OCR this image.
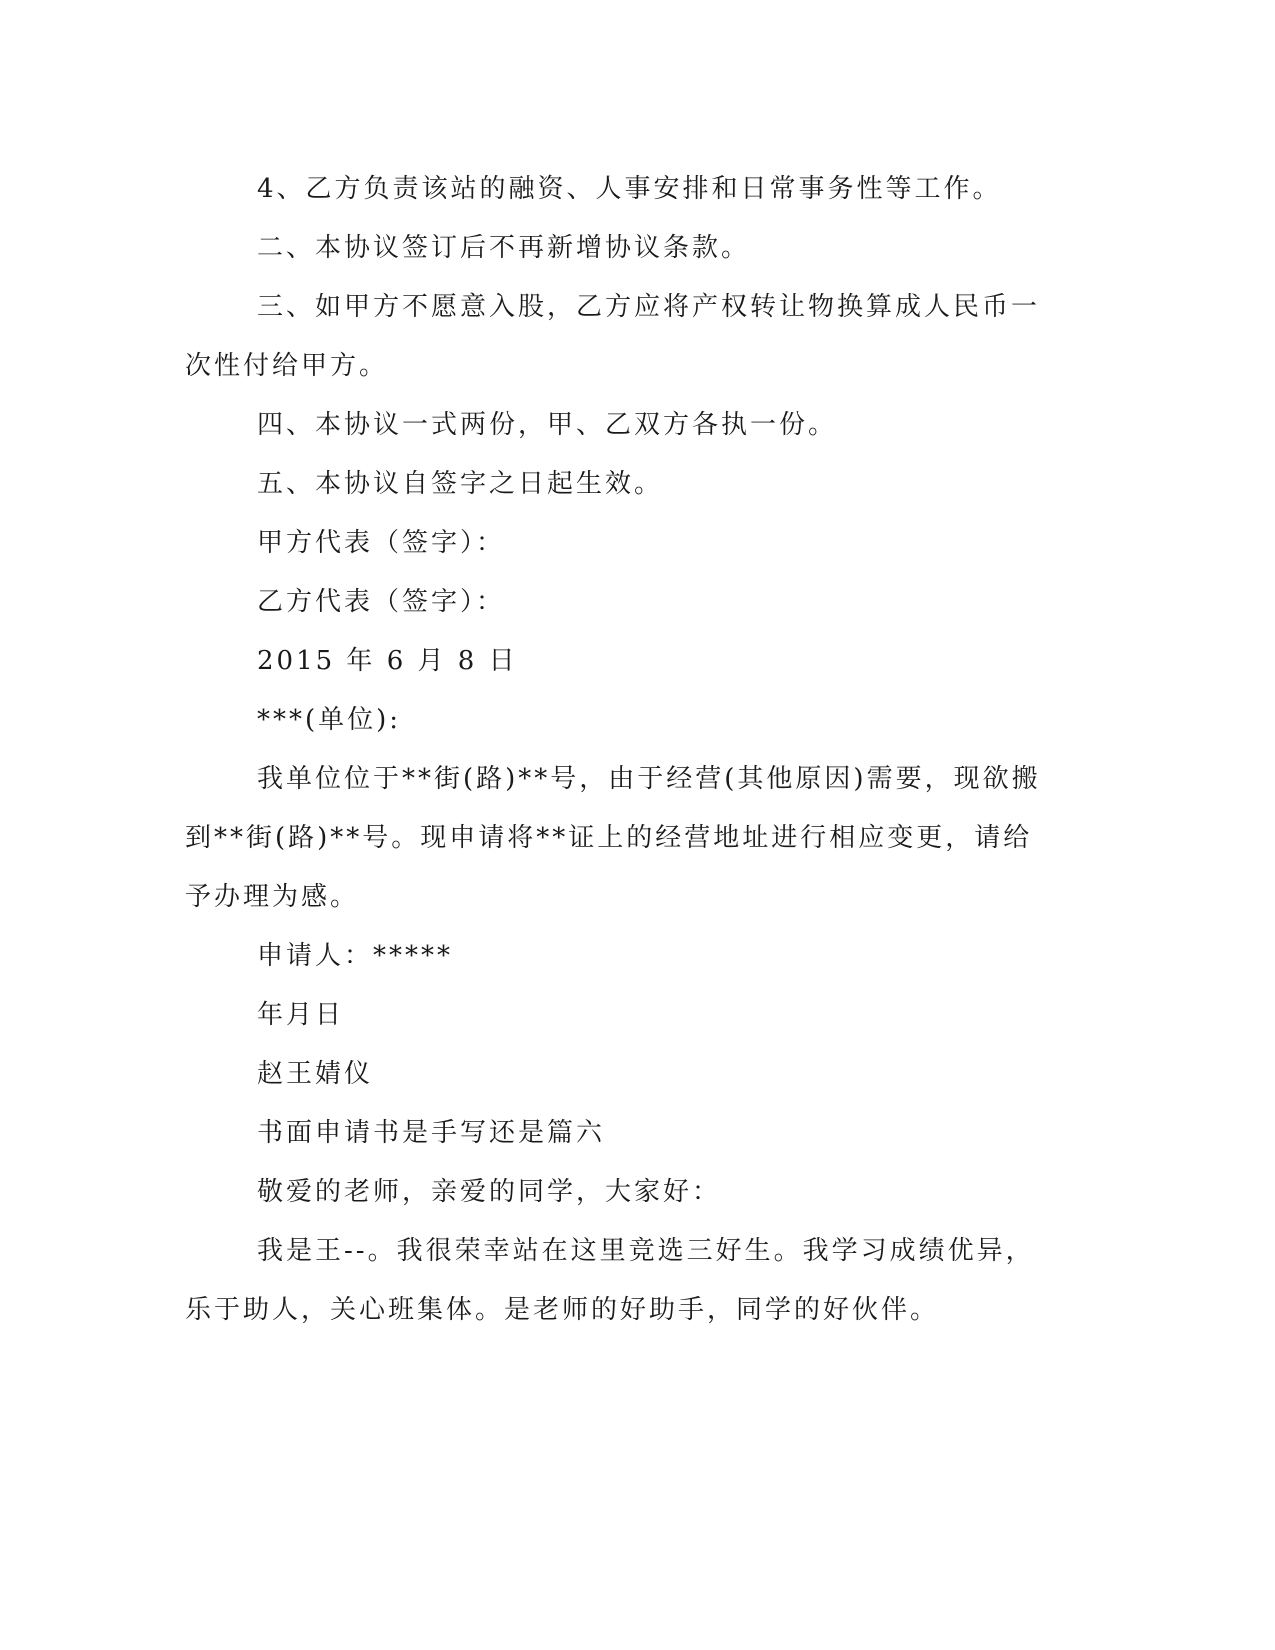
4、乙方负责该站的融资、人事安排和日常事务性等工作。

二、本协议签订后不再新增协议条款。

三、如甲方不愿意入股，乙方应将产权转让物换算成人民币一次性付给甲方。

四、本协议一式两份，甲、乙双方各执一份。

五、本协议自签字之日起生效。

甲方代表（签字）：

乙方代表（签字）：

2015 年 6 月 8 日

***(单位):

我单位位于**街(路)**号，由于经营(其他原因)需要，现欲搬到**街(路)**号。现申请将**证上的经营地址进行相应变更，请给予办理为感。

申请人：*****

年月日

赵王婧仪

书面申请书是手写还是篇六

敬爱的老师，亲爱的同学，大家好：

我是王--。我很荣幸站在这里竞选三好生。我学习成绩优异，乐于助人，关心班集体。是老师的好助手，同学的好伙伴。
